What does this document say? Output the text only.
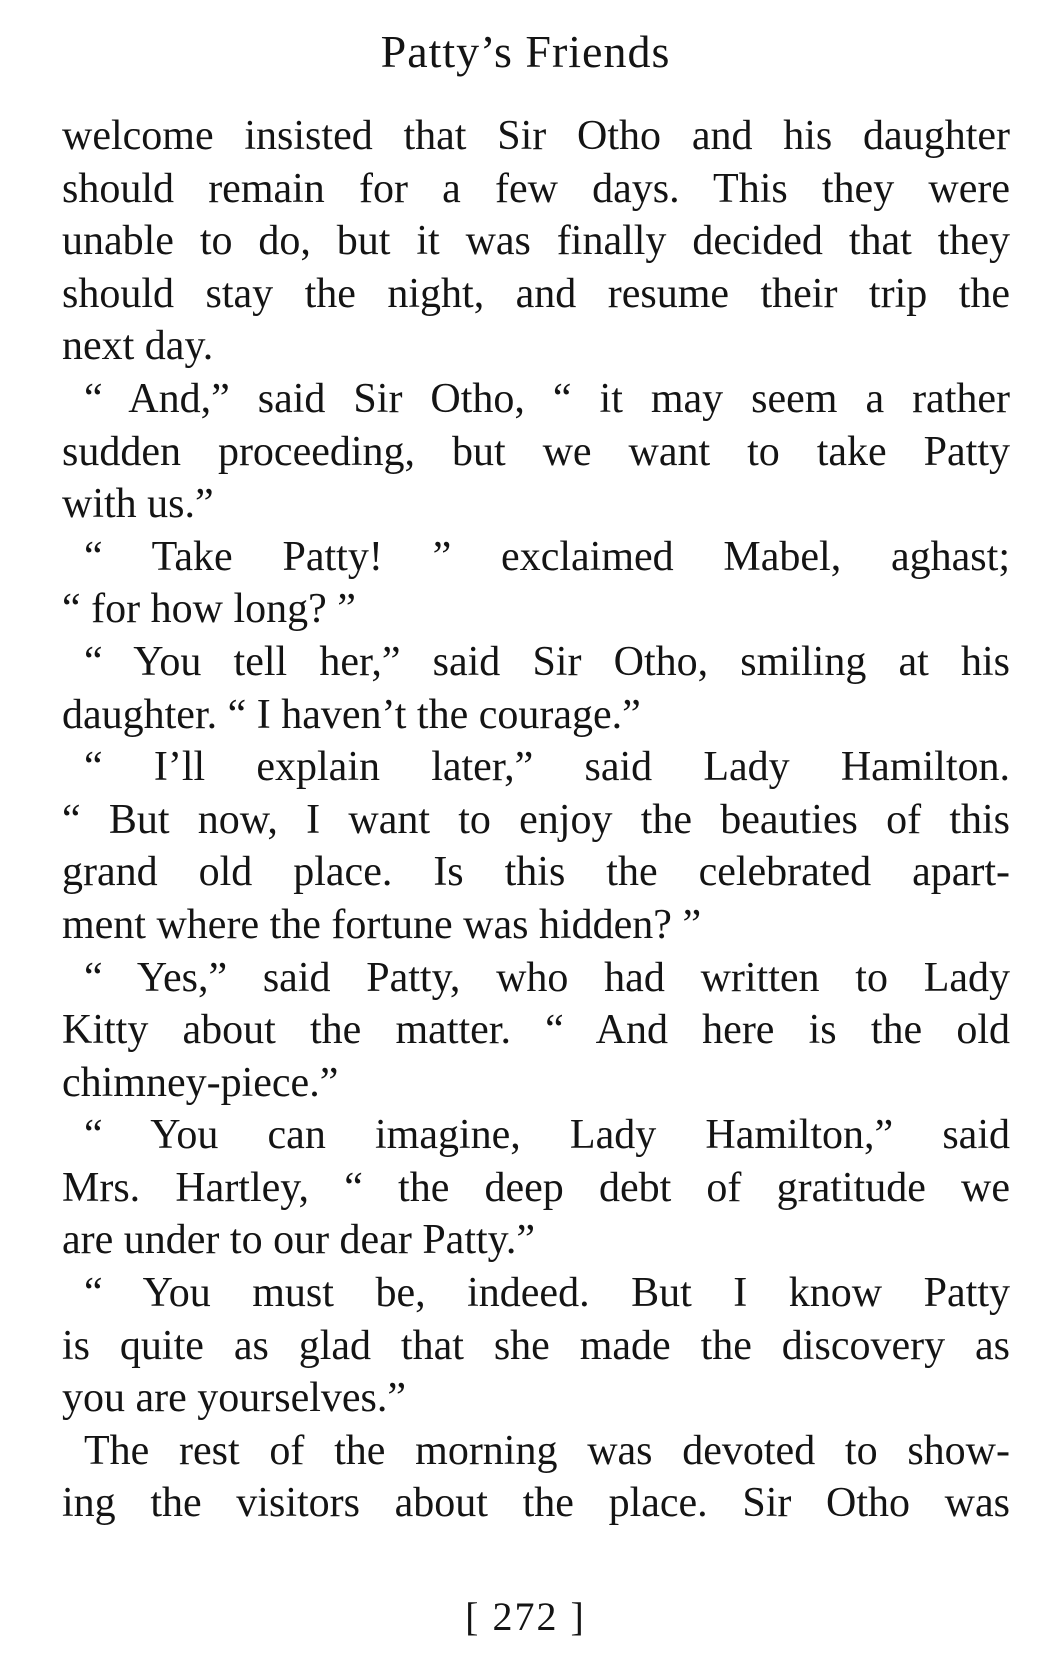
Patty’s Friends
welcome insisted that Sir Otho and his daughter
should remain for a few days. This they were
unable to do, but it was finally decided that they
should stay the night, and resume their trip the
next day.
“ And,” said Sir Otho, “ it may seem a rather
sudden proceeding, but we want to take Patty
with us.”
“ Take Patty! ” exclaimed Mabel, aghast;
“ for how long? ”
“ You tell her,” said Sir Otho, smiling at his
daughter. “ I haven’t the courage.”
“ I’ll explain later,” said Lady Hamilton.
“ But now, I want to enjoy the beauties of this
grand old place. Is this the celebrated apart-
ment where the fortune was hidden? ”
“ Yes,” said Patty, who had written to Lady
Kitty about the matter. “ And here is the old
chimney-piece.”
“ You can imagine, Lady Hamilton,” said
Mrs. Hartley, “ the deep debt of gratitude we
are under to our dear Patty.”
“ You must be, indeed. But I know Patty
is quite as glad that she made the discovery as
you are yourselves.”
The rest of the morning was devoted to show-
ing the visitors about the place. Sir Otho was
[ 272 ]
